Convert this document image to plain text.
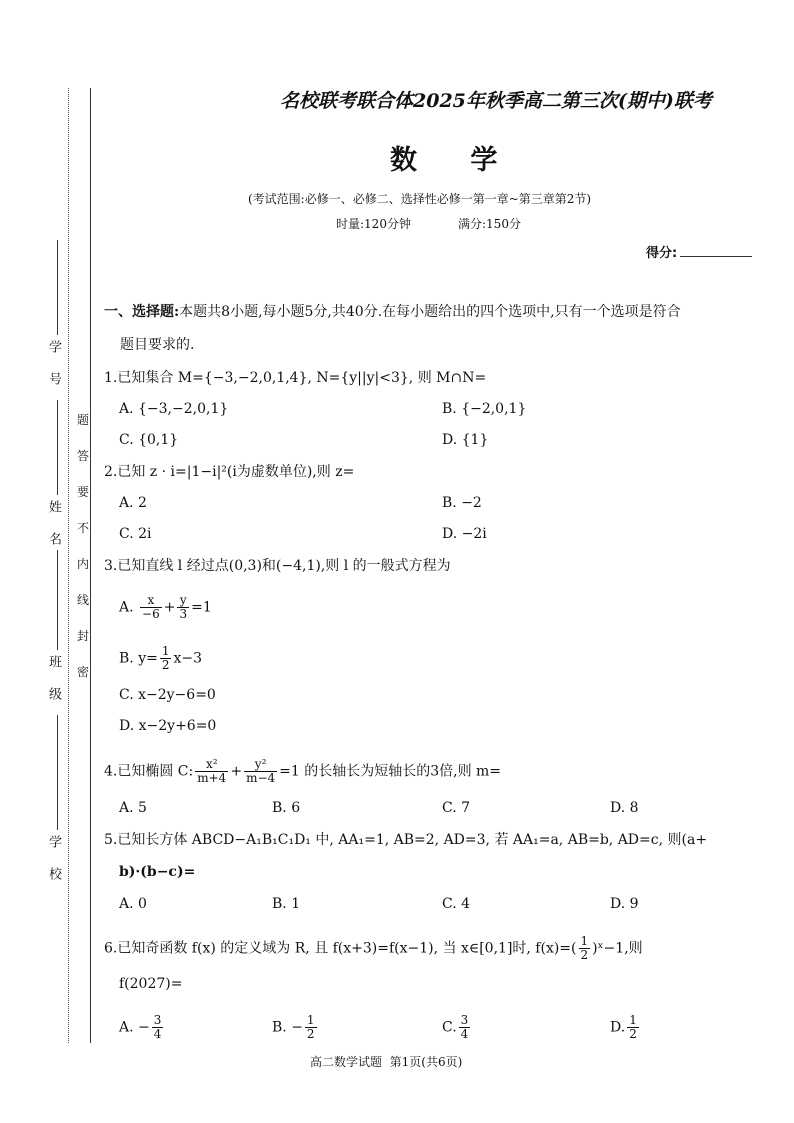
学 号
姓 名
班 级
学 校
题
答
要
不
内
线
封
密
名校联考联合体2025年秋季高二第三次(期中)联考
数 学
(考试范围:必修一、必修二、选择性必修一第一章~第三章第2节)
时量:120分钟	满分:150分
得分:
一、选择题:本题共8小题,每小题5分,共40分.在每小题给出的四个选项中,只有一个选项是符合
题目要求的.
1.已知集合 M={−3,−2,0,1,4}, N={y||y|<3}, 则 M∩N=
A. {−3,−2,0,1}	B. {−2,0,1}
C. {0,1}	D. {1}
2.已知 z · i=|1−i|²(i为虚数单位),则 z=
A. 2	B. −2
C. 2i	D. −2i
3.已知直线 l 经过点(0,3)和(−4,1),则 l 的一般式方程为
A. $\frac{x}{-6} + \frac{y}{3} =1$
B. $y= \frac{1}{2} x-3$
C. x−2y−6=0
D. x−2y+6=0
4.已知椭圆 C: $\frac{\text{x²}}{m+4} + \frac{\text{y²}}{m-4} =1$ 的长轴长为短轴长的3倍,则 m=
A. 5	B. 6	C. 7	D. 8
5.已知长方体 ABCD−A₁B₁C₁D₁ 中, AA₁=1, AB=2, AD=3, 若 AA₁=a, AB=b, AD=c, 则(a+
b)·(b−c)=
A. 0	B. 1	C. 4	D. 9
6.已知奇函数 f(x) 的定义域为 R, 且 f(x+3)=f(x−1), 当 x∈[0,1]时, $f(x)=( \frac{1}{2}$ )ˣ−1,则
f(2027)=
A. − $\frac{3}{4}$	B. − $\frac{1}{2}$	C. $\frac{3}{4}$	D. $\frac{1}{2}$
高二数学试题  第1页(共6页)
